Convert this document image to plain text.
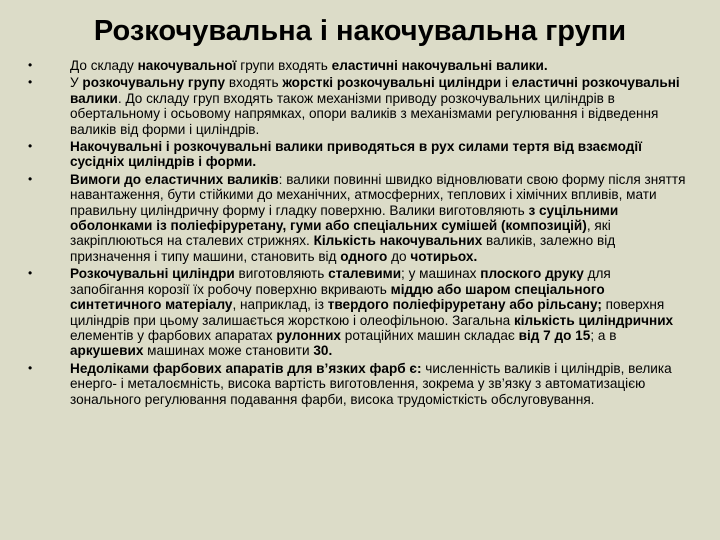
Розкочувальна і накочувальна групи
•	До складу накочувальної групи входять еластичні накочувальні валики.
•	У розкочувальну групу входять жорсткі розкочувальні циліндри і еластичні розкочувальні валики. До складу груп входять також механізми приводу розкочувальних циліндрів в обертальному і осьовому напрямках, опори валиків з механізмами регулювання і відведення валиків від форми і циліндрів.
•	Накочувальні і розкочувальні валики приводяться в рух силами тертя від взаємодії сусідніх циліндрів і форми.
•	Вимоги до еластичних валиків: валики повинні швидко відновлювати свою форму після зняття навантаження, бути стійкими до механічних, атмосферних, теплових і хімічних впливів, мати правильну циліндричну форму і гладку поверхню. Валики виготовляють з суцільними оболонками із поліефіруретану, гуми або спеціальних сумішей (композицій), які закріплюються на сталевих стрижнях. Кількість накочувальних валиків, залежно від призначення і типу машини, становить від одного до чотирьох.
•	Розкочувальні циліндри виготовляють сталевими; у машинах плоского друку для запобігання корозії їх робочу поверхню вкривають міддю або шаром спеціального синтетичного матеріалу, наприклад, із твердого поліефіруретану або рільсану; поверхня циліндрів при цьому залишається жорсткою і олеофільною. Загальна кількість циліндричних елементів у фарбових апаратах рулонних ротаційних машин складає від 7 до 15; а в аркушевих машинах може становити 30.
•	Недоліками фарбових апаратів для в’язких фарб є: численність валиків і циліндрів, велика енерго- і металоємність, висока вартість виготовлення, зокрема у зв’язку з автоматизацією зонального регулювання подавання фарби, висока трудомісткість обслуговування.
